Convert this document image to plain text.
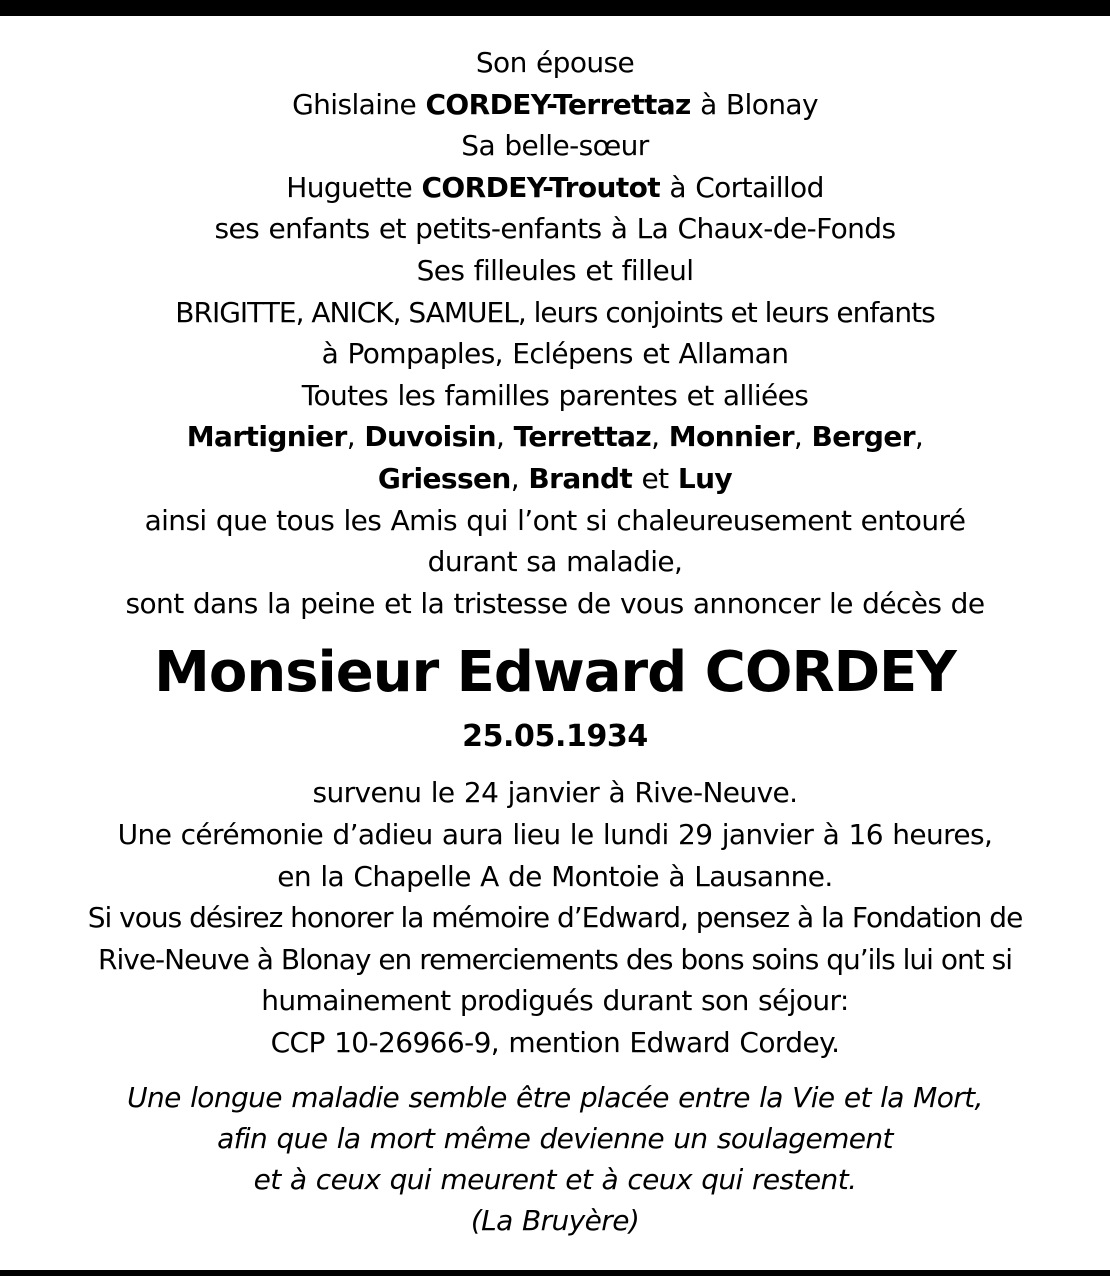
Son épouse
Ghislaine CORDEY-Terrettaz à Blonay
Sa belle-sœur
Huguette CORDEY-Troutot à Cortaillod
ses enfants et petits-enfants à La Chaux-de-Fonds
Ses filleules et filleul
BRIGITTE, ANICK, SAMUEL, leurs conjoints et leurs enfants
à Pompaples, Eclépens et Allaman
Toutes les familles parentes et alliées
Martignier, Duvoisin, Terrettaz, Monnier, Berger,
Griessen, Brandt et Luy
ainsi que tous les Amis qui l’ont si chaleureusement entouré
durant sa maladie,
sont dans la peine et la tristesse de vous annoncer le décès de
Monsieur Edward CORDEY
25.05.1934
survenu le 24 janvier à Rive-Neuve.
Une cérémonie d’adieu aura lieu le lundi 29 janvier à 16 heures,
en la Chapelle A de Montoie à Lausanne.
Si vous désirez honorer la mémoire d’Edward, pensez à la Fondation de
Rive-Neuve à Blonay en remerciements des bons soins qu’ils lui ont si
humainement prodigués durant son séjour:
CCP 10-26966-9, mention Edward Cordey.
Une longue maladie semble être placée entre la Vie et la Mort,
afin que la mort même devienne un soulagement
et à ceux qui meurent et à ceux qui restent.
(La Bruyère)
